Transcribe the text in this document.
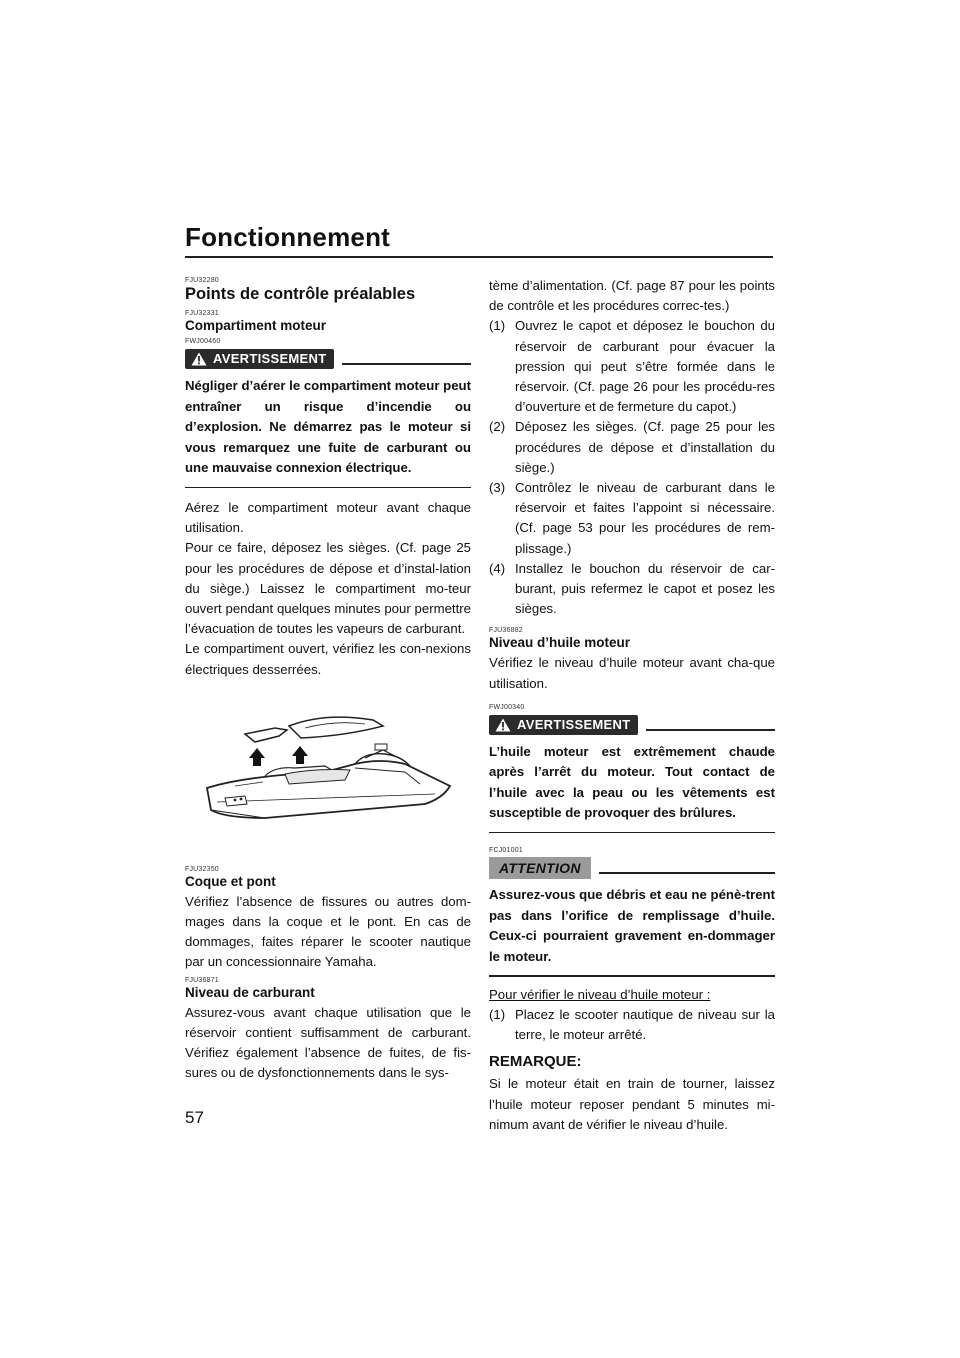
Fonctionnement
FJU32280
Points de contrôle préalables
FJU32331
Compartiment moteur
FWJ00460
AVERTISSEMENT
Négliger d’aérer le compartiment moteur peut entraîner un risque d’incendie ou d’explosion. Ne démarrez pas le moteur si vous remarquez une fuite de carburant ou une mauvaise connexion électrique.

Aérez le compartiment moteur avant chaque utilisation.

Pour ce faire, déposez les sièges. (Cf. page 25 pour les procédures de dépose et d’instal-lation du siège.) Laissez le compartiment mo-teur ouvert pendant quelques minutes pour permettre l’évacuation de toutes les vapeurs de carburant.

Le compartiment ouvert, vérifiez les con-nexions électriques desserrées.

FJU32350
Coque et pont

Vérifiez l’absence de fissures ou autres dom-mages dans la coque et le pont. En cas de dommages, faites réparer le scooter nautique par un concessionnaire Yamaha.

FJU36871
Niveau de carburant

Assurez-vous avant chaque utilisation que le réservoir contient suffisamment de carburant. Vérifiez également l’absence de fuites, de fis-sures ou de dysfonctionnements dans le sys-

tème d’alimentation. (Cf. page 87 pour les points de contrôle et les procédures correc-tes.)

(1) Ouvrez le capot et déposez le bouchon du réservoir de carburant pour évacuer la pression qui peut s’être formée dans le réservoir. (Cf. page 26 pour les procédu-res d’ouverture et de fermeture du capot.)
(2) Déposez les sièges. (Cf. page 25 pour les procédures de dépose et d’installation du siège.)
(3) Contrôlez le niveau de carburant dans le réservoir et faites l’appoint si nécessaire. (Cf. page 53 pour les procédures de rem-plissage.)
(4) Installez le bouchon du réservoir de car-burant, puis refermez le capot et posez les sièges.
FJU36882
Niveau d’huile moteur

Vérifiez le niveau d’huile moteur avant cha-que utilisation.

FWJ00340
AVERTISSEMENT
L’huile moteur est extrêmement chaude après l’arrêt du moteur. Tout contact de l’huile avec la peau ou les vêtements est susceptible de provoquer des brûlures.
FCJ01001
ATTENTION
Assurez-vous que débris et eau ne pénè-trent pas dans l’orifice de remplissage d’huile. Ceux-ci pourraient gravement en-dommager le moteur.
Pour vérifier le niveau d’huile moteur :
(1) Placez le scooter nautique de niveau sur la terre, le moteur arrêté.
REMARQUE:

Si le moteur était en train de tourner, laissez l’huile moteur reposer pendant 5 minutes mi-nimum avant de vérifier le niveau d’huile.

57
